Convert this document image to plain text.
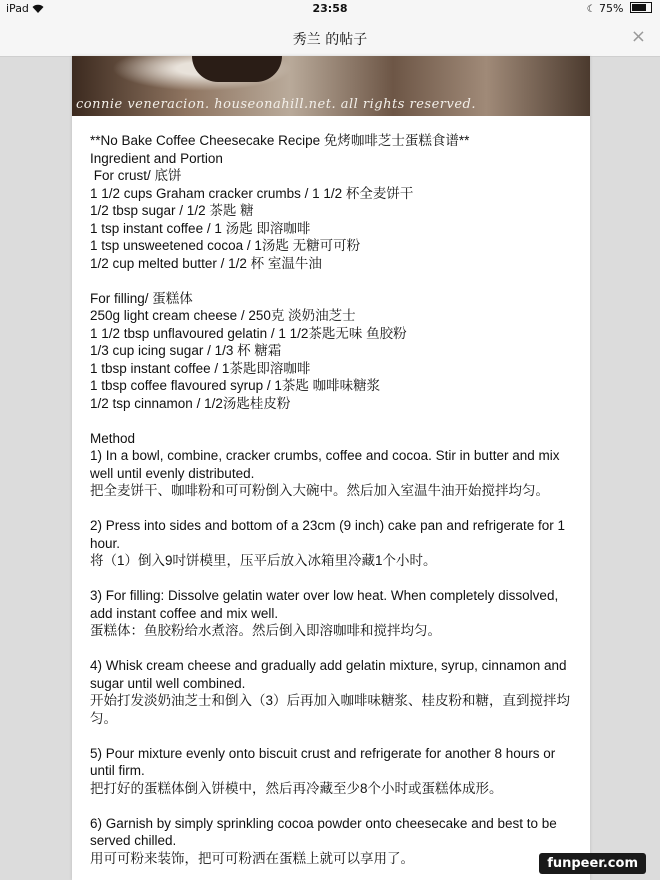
iPad	23:58	☾ 75%
秀兰 的帖子	×
connie veneracion. houseonahill.net. all rights reserved.
**No Bake Coffee Cheesecake Recipe 免烤咖啡芝士蛋糕食谱**
Ingredient and Portion
For crust/ 底饼
1 1/2 cups Graham cracker crumbs / 1 1/2 杯全麦饼干
1/2 tbsp sugar / 1/2 茶匙 糖
1 tsp instant coffee / 1 汤匙 即溶咖啡
1 tsp unsweetened cocoa / 1汤匙 无糖可可粉
1/2 cup melted butter / 1/2 杯 室温牛油
For filling/ 蛋糕体
250g light cream cheese / 250克 淡奶油芝士
1 1/2 tbsp unflavoured gelatin / 1 1/2茶匙无味 鱼胶粉
1/3 cup icing sugar / 1/3 杯 糖霜
1 tbsp instant coffee / 1茶匙即溶咖啡
1 tbsp coffee flavoured syrup / 1茶匙 咖啡味糖浆
1/2 tsp cinnamon / 1/2汤匙桂皮粉
Method
1) In a bowl, combine, cracker crumbs, coffee and cocoa. Stir in butter and mix well until evenly distributed.
把全麦饼干、咖啡粉和可可粉倒入大碗中。然后加入室温牛油开始搅拌均匀。
2) Press into sides and bottom of a 23cm (9 inch) cake pan and refrigerate for 1 hour.
将（1）倒入9吋饼模里，压平后放入冰箱里冷藏1个小时。
3) For filling: Dissolve gelatin water over low heat. When completely dissolved, add instant coffee and mix well.
蛋糕体：鱼胶粉给水煮溶。然后倒入即溶咖啡和搅拌均匀。
4) Whisk cream cheese and gradually add gelatin mixture, syrup, cinnamon and sugar until well combined.
开始打发淡奶油芝士和倒入（3）后再加入咖啡味糖浆、桂皮粉和糖，直到搅拌均匀。
5) Pour mixture evenly onto biscuit crust and refrigerate for another 8 hours or until firm.
把打好的蛋糕体倒入饼模中，然后再冷藏至少8个小时或蛋糕体成形。
6) Garnish by simply sprinkling cocoa powder onto cheesecake and best to be served chilled.
用可可粉来装饰，把可可粉洒在蛋糕上就可以享用了。	funpeer.com
